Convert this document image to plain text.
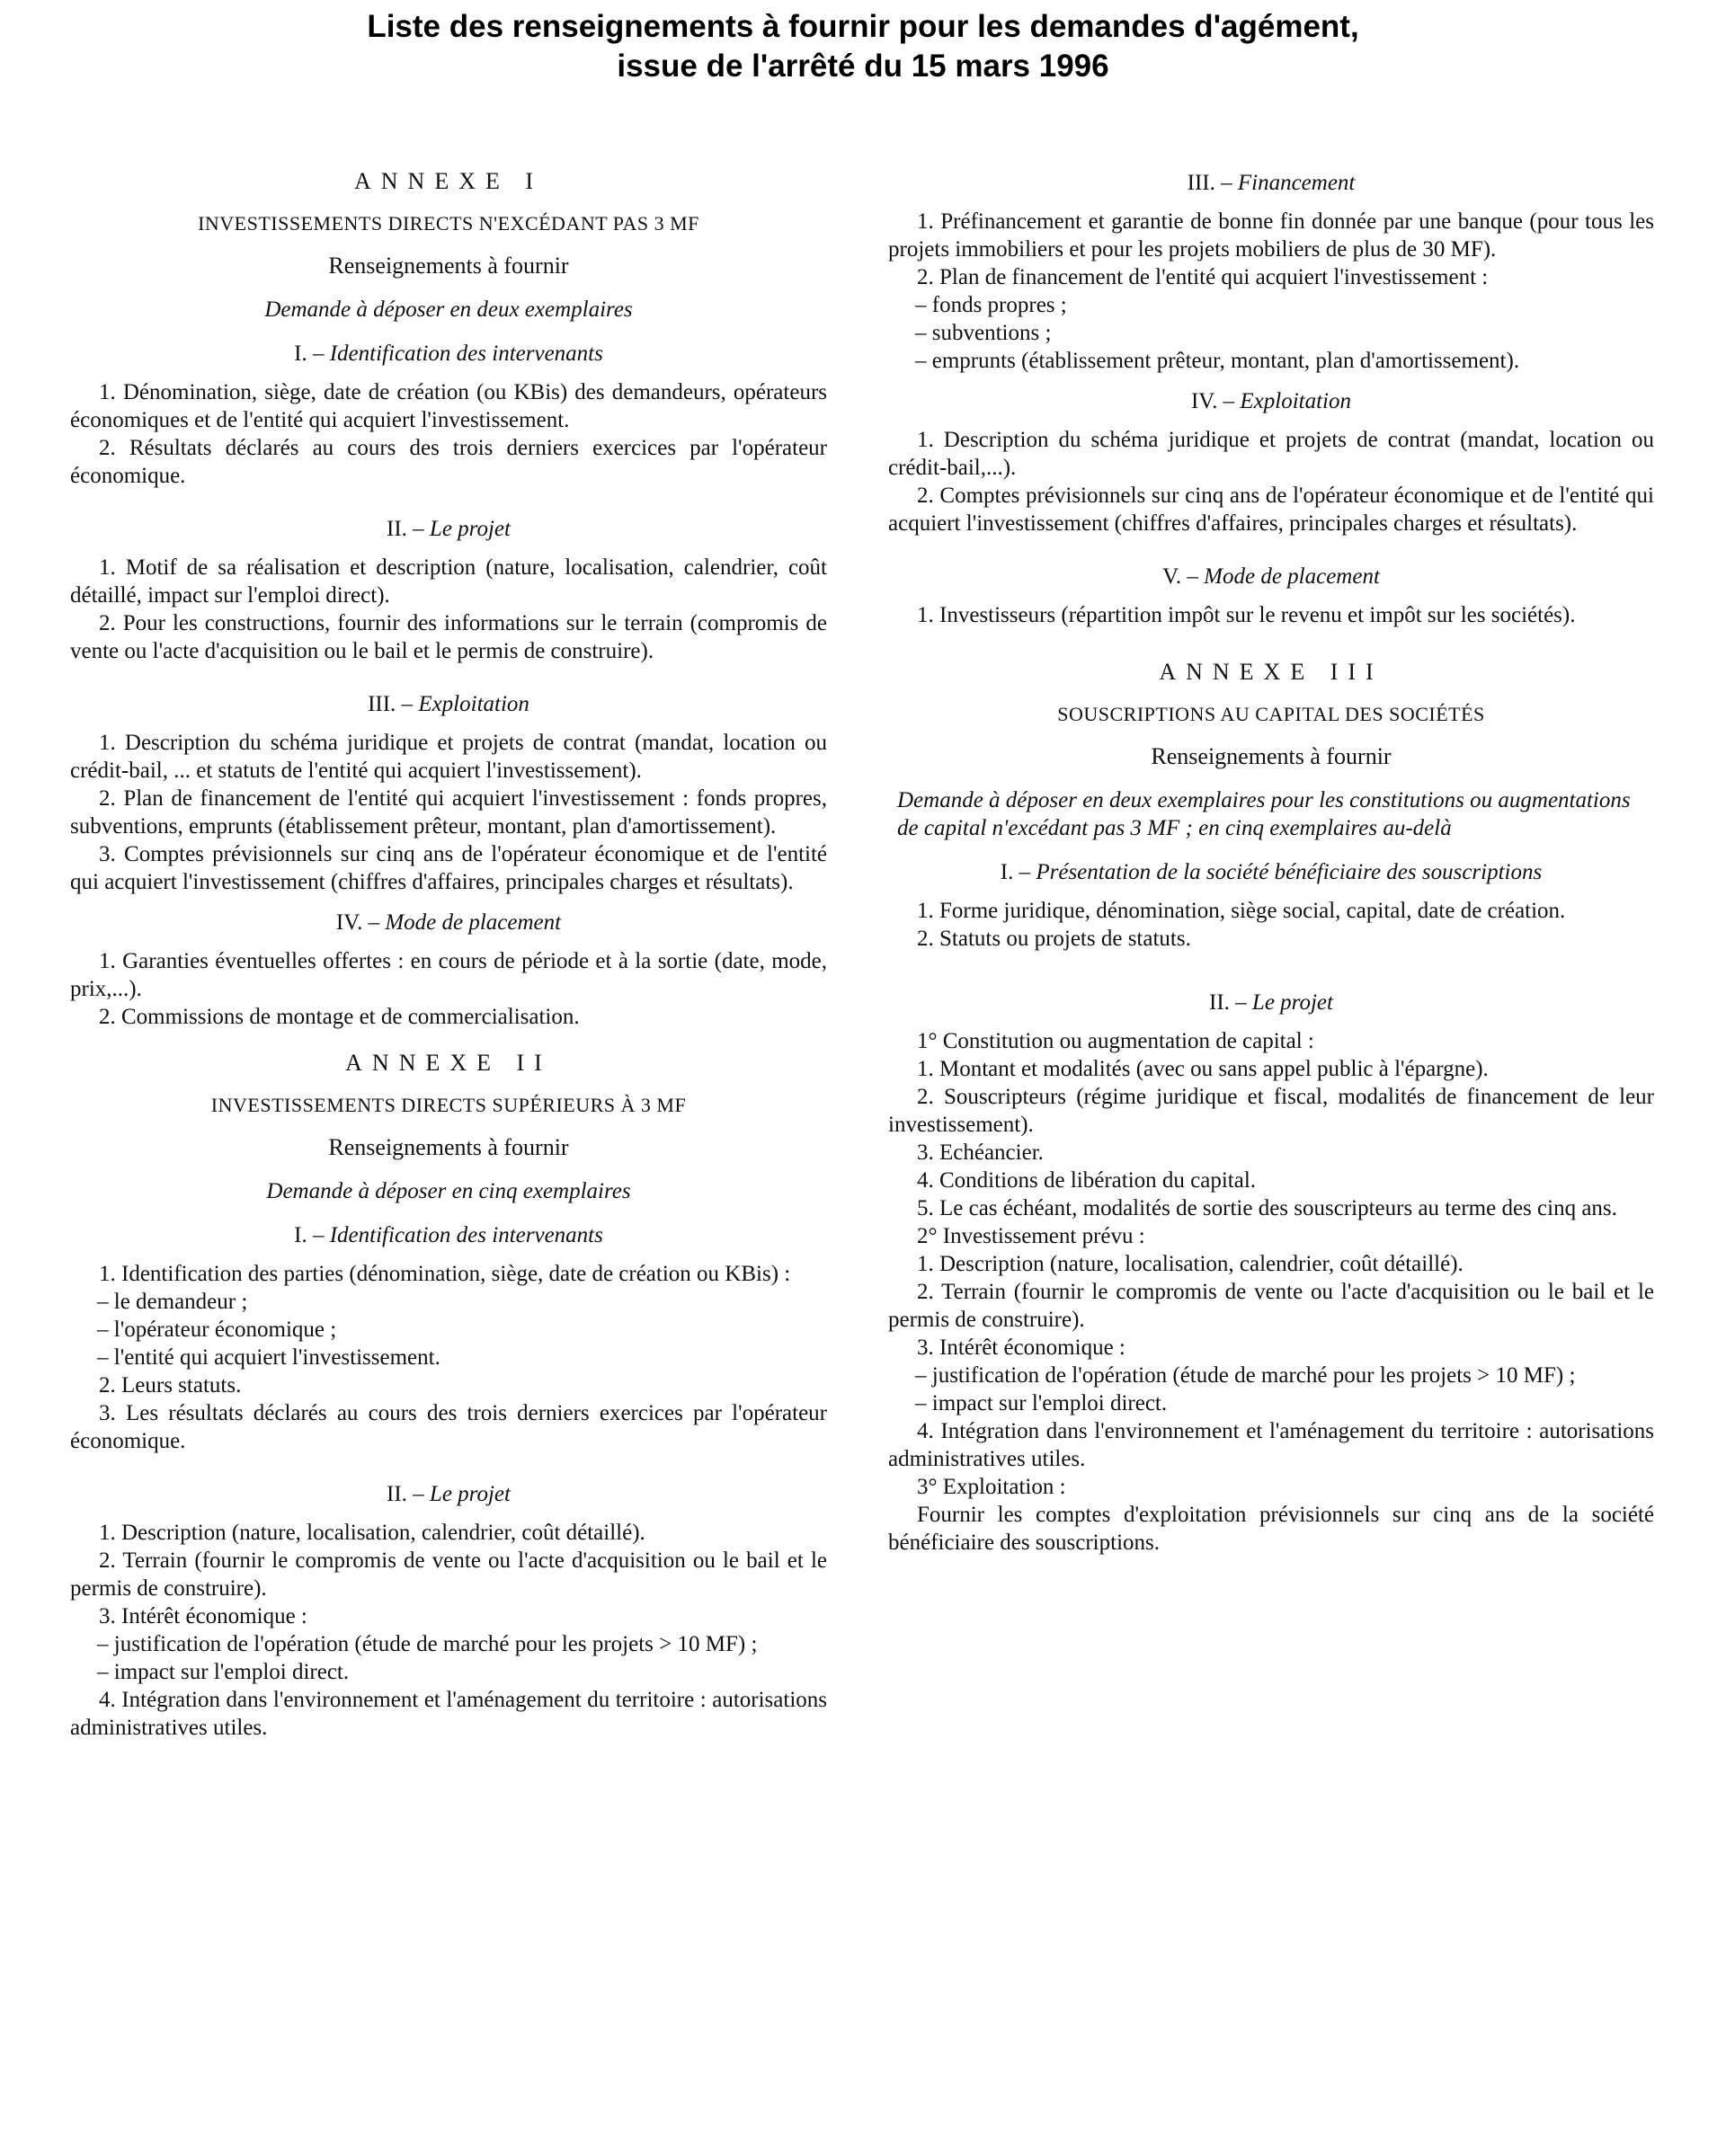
Liste des renseignements à fournir pour les demandes d'agément,
issue de l'arrêté du 15 mars 1996
ANNEXE I
INVESTISSEMENTS DIRECTS N'EXCÉDANT PAS 3 MF
Renseignements à fournir
Demande à déposer en deux exemplaires
I. – Identification des intervenants

1. Dénomination, siège, date de création (ou KBis) des demandeurs, opérateurs économiques et de l'entité qui acquiert l'investissement.

2. Résultats déclarés au cours des trois derniers exercices par l'opérateur économique.

II. – Le projet

1. Motif de sa réalisation et description (nature, localisation, calendrier, coût détaillé, impact sur l'emploi direct).

2. Pour les constructions, fournir des informations sur le terrain (compromis de vente ou l'acte d'acquisition ou le bail et le permis de construire).

III. – Exploitation

1. Description du schéma juridique et projets de contrat (mandat, location ou crédit-bail, ... et statuts de l'entité qui acquiert l'investissement).

2. Plan de financement de l'entité qui acquiert l'investissement : fonds propres, subventions, emprunts (établissement prêteur, montant, plan d'amortissement).

3. Comptes prévisionnels sur cinq ans de l'opérateur économique et de l'entité qui acquiert l'investissement (chiffres d'affaires, principales charges et résultats).

IV. – Mode de placement

1. Garanties éventuelles offertes : en cours de période et à la sortie (date, mode, prix,...).

2. Commissions de montage et de commercialisation.

ANNEXE II
INVESTISSEMENTS DIRECTS SUPÉRIEURS À 3 MF
Renseignements à fournir
Demande à déposer en cinq exemplaires
I. – Identification des intervenants

1. Identification des parties (dénomination, siège, date de création ou KBis) :

– le demandeur ;

– l'opérateur économique ;

– l'entité qui acquiert l'investissement.

2. Leurs statuts.

3. Les résultats déclarés au cours des trois derniers exercices par l'opérateur économique.

II. – Le projet

1. Description (nature, localisation, calendrier, coût détaillé).

2. Terrain (fournir le compromis de vente ou l'acte d'acquisition ou le bail et le permis de construire).

3. Intérêt économique :

– justification de l'opération (étude de marché pour les projets > 10 MF) ;

– impact sur l'emploi direct.

4. Intégration dans l'environnement et l'aménagement du territoire : autorisations administratives utiles.

III. – Financement

1. Préfinancement et garantie de bonne fin donnée par une banque (pour tous les projets immobiliers et pour les projets mobiliers de plus de 30 MF).

2. Plan de financement de l'entité qui acquiert l'investissement :

– fonds propres ;

– subventions ;

– emprunts (établissement prêteur, montant, plan d'amortissement).

IV. – Exploitation

1. Description du schéma juridique et projets de contrat (mandat, location ou crédit-bail,...).

2. Comptes prévisionnels sur cinq ans de l'opérateur économique et de l'entité qui acquiert l'investissement (chiffres d'affaires, principales charges et résultats).

V. – Mode de placement

1. Investisseurs (répartition impôt sur le revenu et impôt sur les sociétés).

ANNEXE III
SOUSCRIPTIONS AU CAPITAL DES SOCIÉTÉS
Renseignements à fournir
Demande à déposer en deux exemplaires pour les constitutions ou augmentations de capital n'excédant pas 3 MF ; en cinq exemplaires au-delà
I. – Présentation de la société bénéficiaire des souscriptions

1. Forme juridique, dénomination, siège social, capital, date de création.

2. Statuts ou projets de statuts.

II. – Le projet

1° Constitution ou augmentation de capital :

1. Montant et modalités (avec ou sans appel public à l'épargne).

2. Souscripteurs (régime juridique et fiscal, modalités de financement de leur investissement).

3. Echéancier.

4. Conditions de libération du capital.

5. Le cas échéant, modalités de sortie des souscripteurs au terme des cinq ans.

2° Investissement prévu :

1. Description (nature, localisation, calendrier, coût détaillé).

2. Terrain (fournir le compromis de vente ou l'acte d'acquisition ou le bail et le permis de construire).

3. Intérêt économique :

– justification de l'opération (étude de marché pour les projets > 10 MF) ;

– impact sur l'emploi direct.

4. Intégration dans l'environnement et l'aménagement du territoire : autorisations administratives utiles.

3° Exploitation :

Fournir les comptes d'exploitation prévisionnels sur cinq ans de la société bénéficiaire des souscriptions.
